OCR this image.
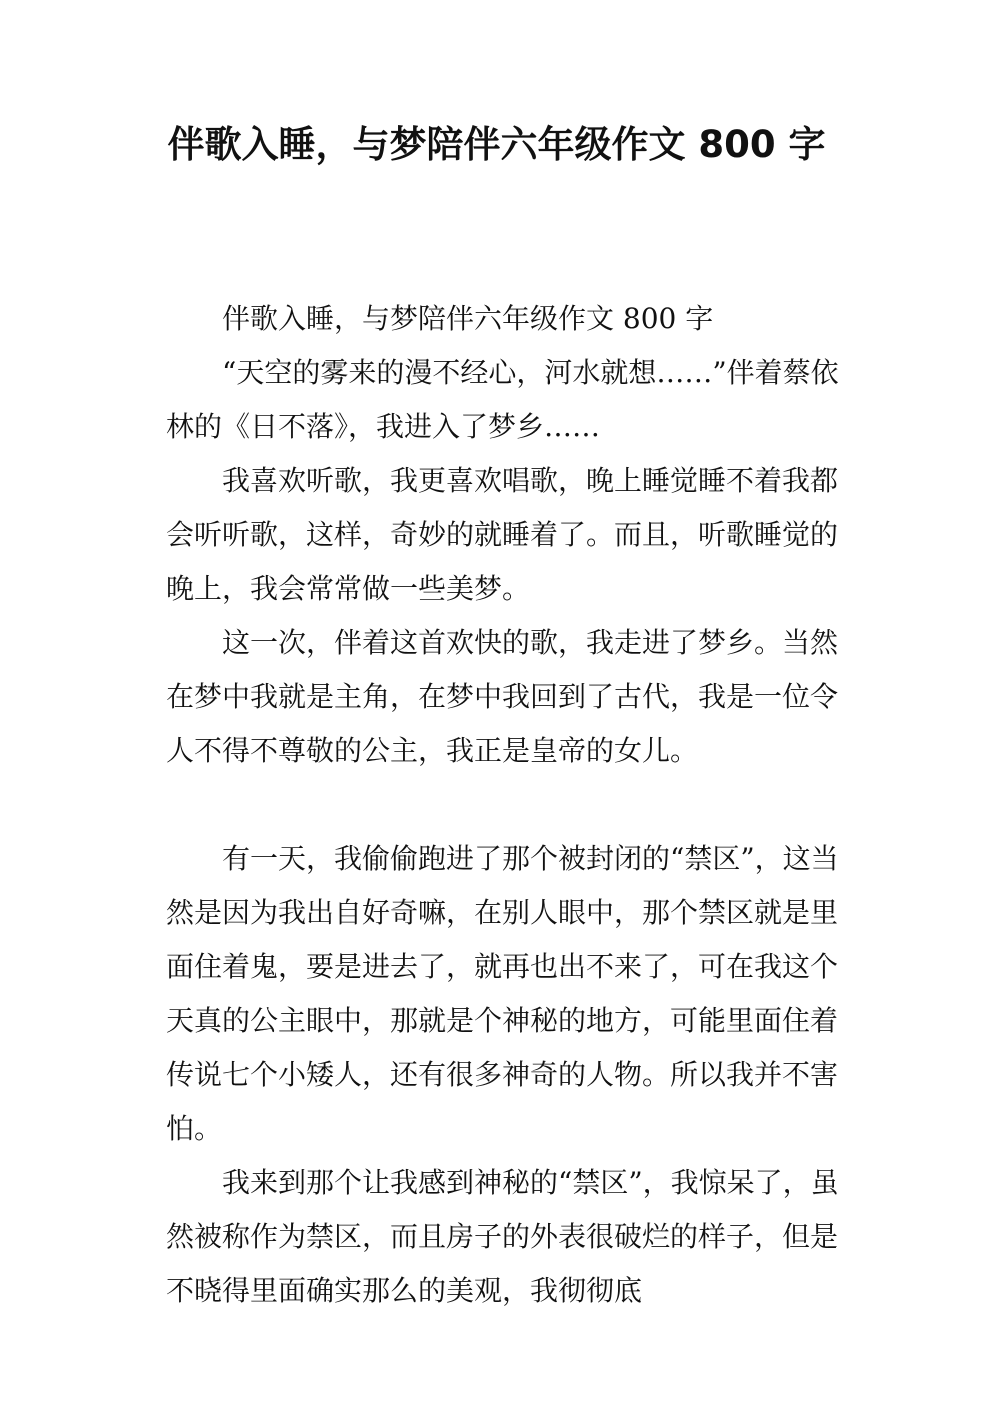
伴歌入睡，与梦陪伴六年级作文 800 字

伴歌入睡，与梦陪伴六年级作文 800 字

“天空的雾来的漫不经心，河水就想……”伴着蔡依林的《日不落》，我进入了梦乡……

我喜欢听歌，我更喜欢唱歌，晚上睡觉睡不着我都会听听歌，这样，奇妙的就睡着了。而且，听歌睡觉的晚上，我会常常做一些美梦。

这一次，伴着这首欢快的歌，我走进了梦乡。当然在梦中我就是主角，在梦中我回到了古代，我是一位令人不得不尊敬的公主，我正是皇帝的女儿。

有一天，我偷偷跑进了那个被封闭的“禁区”，这当然是因为我出自好奇嘛，在别人眼中，那个禁区就是里面住着鬼，要是进去了，就再也出不来了，可在我这个天真的公主眼中，那就是个神秘的地方，可能里面住着传说七个小矮人，还有很多神奇的人物。所以我并不害怕。

我来到那个让我感到神秘的“禁区”，我惊呆了，虽然被称作为禁区，而且房子的外表很破烂的样子，但是不晓得里面确实那么的美观，我彻彻底
